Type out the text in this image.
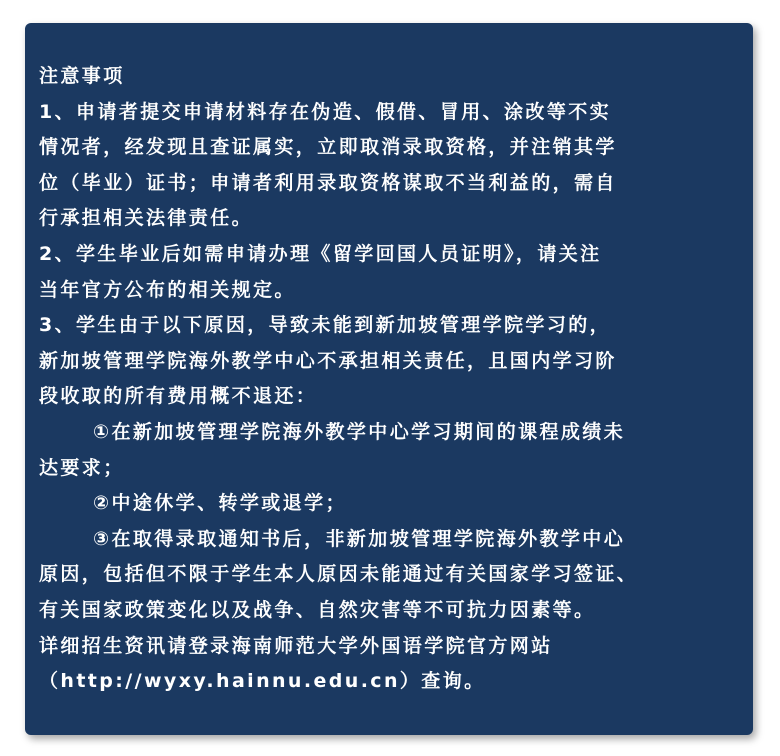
注意事项
1、申请者提交申请材料存在伪造、假借、冒用、涂改等不实
情况者，经发现且查证属实，立即取消录取资格，并注销其学
位（毕业）证书；申请者利用录取资格谋取不当利益的，需自
行承担相关法律责任。
2、学生毕业后如需申请办理《留学回国人员证明》，请关注
当年官方公布的相关规定。
3、学生由于以下原因，导致未能到新加坡管理学院学习的，
新加坡管理学院海外教学中心不承担相关责任，且国内学习阶
段收取的所有费用概不退还：
①在新加坡管理学院海外教学中心学习期间的课程成绩未
达要求；
②中途休学、转学或退学；
③在取得录取通知书后，非新加坡管理学院海外教学中心
原因，包括但不限于学生本人原因未能通过有关国家学习签证、
有关国家政策变化以及战争、自然灾害等不可抗力因素等。
详细招生资讯请登录海南师范大学外国语学院官方网站
（http://wyxy.hainnu.edu.cn）查询。
